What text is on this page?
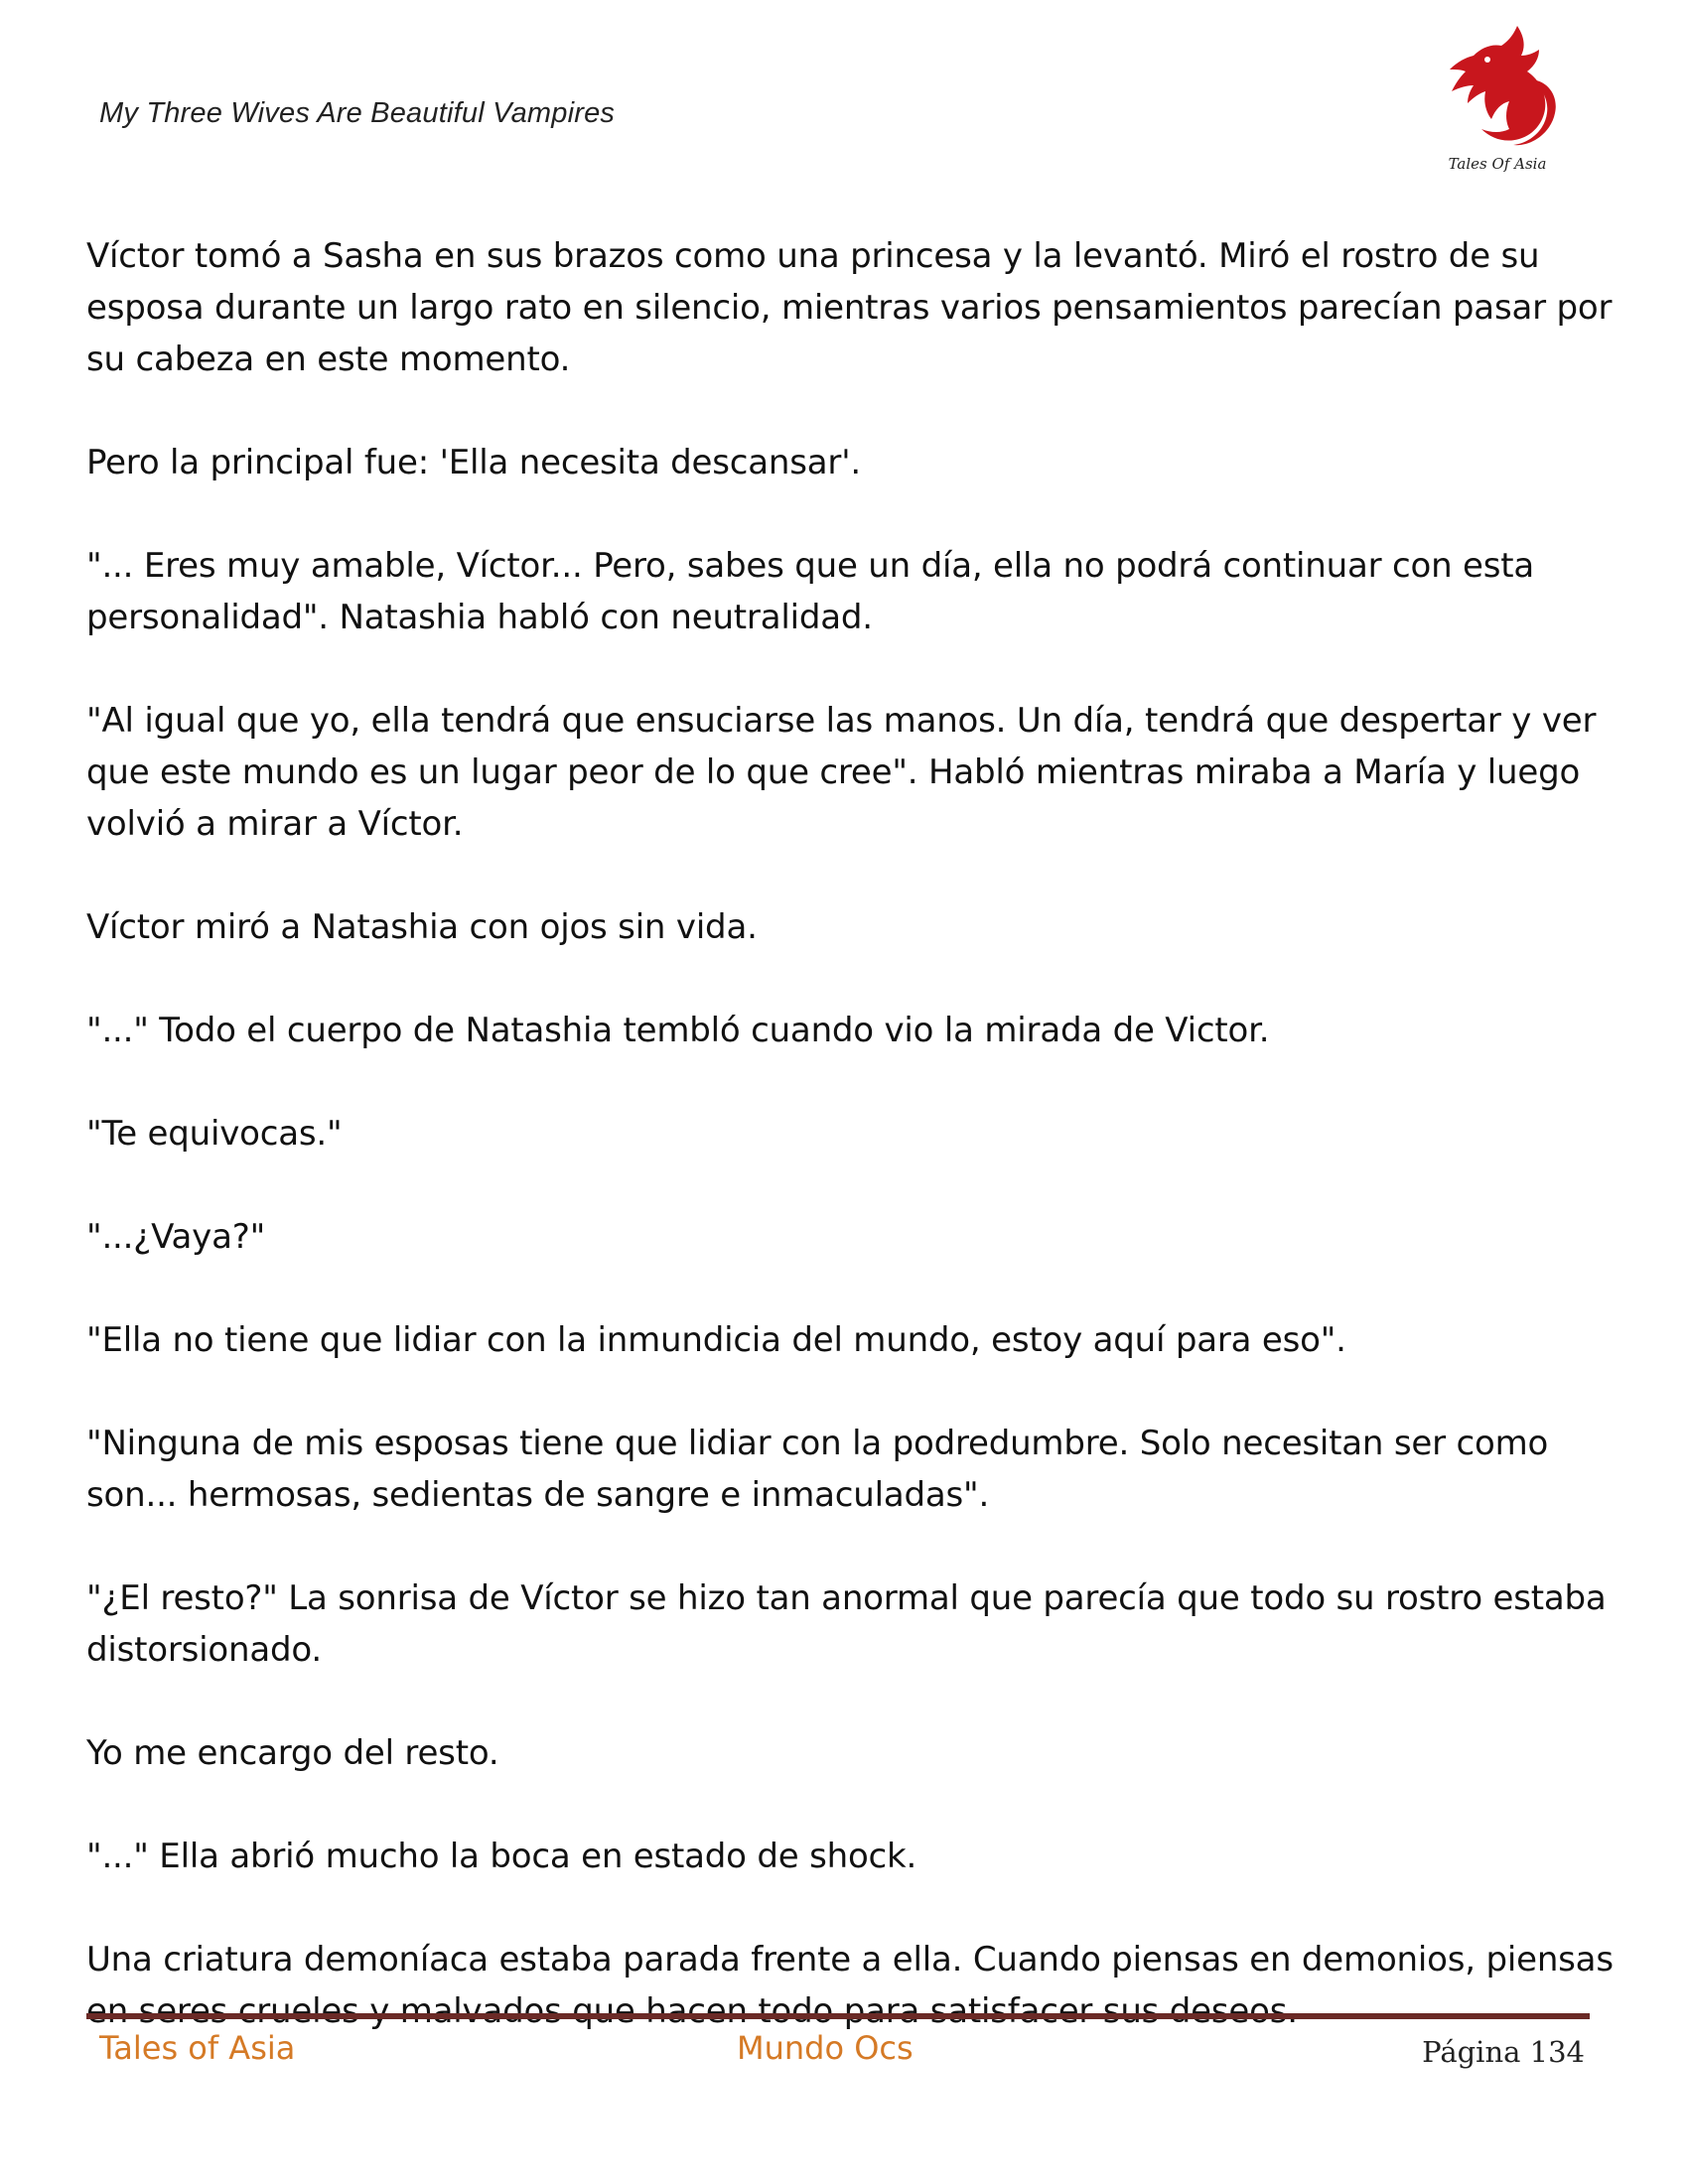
My Three Wives Are Beautiful Vampires
Tales Of Asia

Víctor tomó a Sasha en sus brazos como una princesa y la levantó. Miró el rostro de su esposa durante un largo rato en silencio, mientras varios pensamientos parecían pasar por su cabeza en este momento.

Pero la principal fue: 'Ella necesita descansar'.

"... Eres muy amable, Víctor... Pero, sabes que un día, ella no podrá continuar con esta personalidad". Natashia habló con neutralidad.

"Al igual que yo, ella tendrá que ensuciarse las manos. Un día, tendrá que despertar y ver que este mundo es un lugar peor de lo que cree". Habló mientras miraba a María y luego volvió a mirar a Víctor.

Víctor miró a Natashia con ojos sin vida.

"..." Todo el cuerpo de Natashia tembló cuando vio la mirada de Victor.

"Te equivocas."

"...¿Vaya?"

"Ella no tiene que lidiar con la inmundicia del mundo, estoy aquí para eso".

"Ninguna de mis esposas tiene que lidiar con la podredumbre. Solo necesitan ser como son... hermosas, sedientas de sangre e inmaculadas".

"¿El resto?" La sonrisa de Víctor se hizo tan anormal que parecía que todo su rostro estaba distorsionado.

Yo me encargo del resto.

"..." Ella abrió mucho la boca en estado de shock.

Una criatura demoníaca estaba parada frente a ella. Cuando piensas en demonios, piensas en seres crueles y malvados que hacen todo para satisfacer sus deseos.

Tales of Asia	Mundo Ocs	Página 134
